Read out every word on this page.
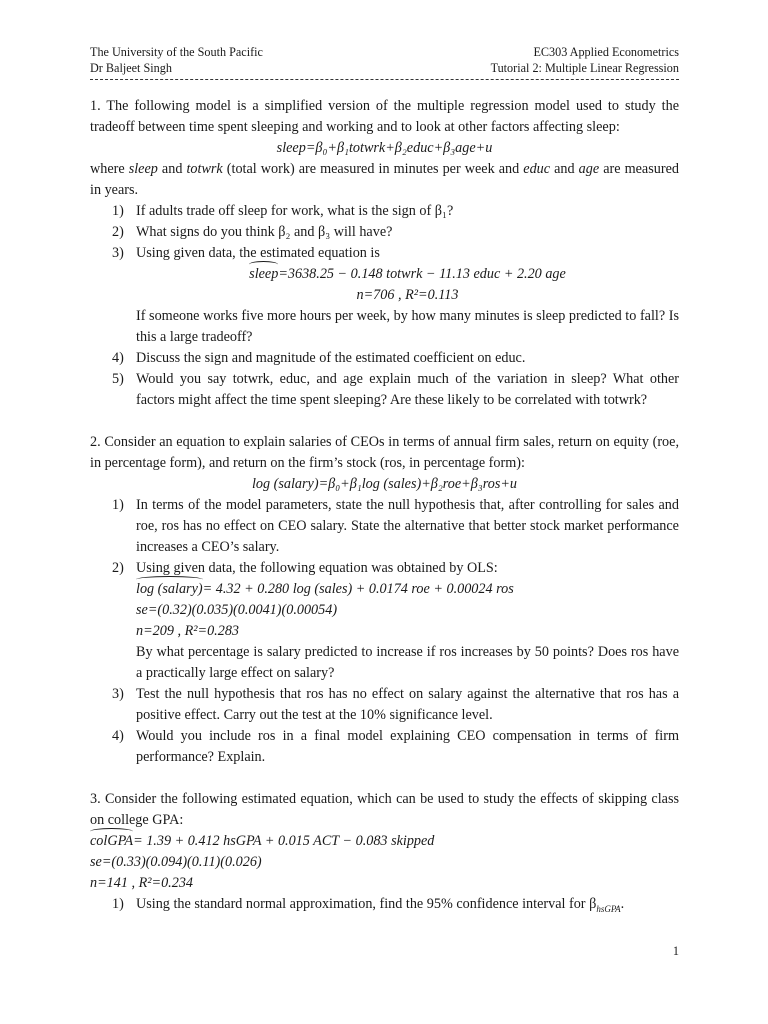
The University of the South Pacific
Dr Baljeet Singh
EC303 Applied Econometrics
Tutorial 2: Multiple Linear Regression

1. The following model is a simplified version of the multiple regression model used to study the tradeoff between time spent sleeping and working and to look at other factors affecting sleep:

sleep=β₀+β₁totwrk+β₂educ+β₃age+u

where sleep and totwrk (total work) are measured in minutes per week and educ and age are measured in years.

1) If adults trade off sleep for work, what is the sign of β₁?
2) What signs do you think β₂ and β₃ will have?
3) Using given data, the estimated equation is

sleep=3638.25 − 0.148 totwrk − 11.13 educ + 2.20 age

n=706 , R²=0.113

If someone works five more hours per week, by how many minutes is sleep predicted to fall? Is this a large tradeoff?
4) Discuss the sign and magnitude of the estimated coefficient on educ.
5) Would you say totwrk, educ, and age explain much of the variation in sleep? What other factors might affect the time spent sleeping? Are these likely to be correlated with totwrk?

2. Consider an equation to explain salaries of CEOs in terms of annual firm sales, return on equity (roe, in percentage form), and return on the firm’s stock (ros, in percentage form):

log (salary)=β₀+β₁log (sales)+β₂roe+β₃ros+u

1) In terms of the model parameters, state the null hypothesis that, after controlling for sales and roe, ros has no effect on CEO salary. State the alternative that better stock market performance increases a CEO’s salary.
2) Using given data, the following equation was obtained by OLS:

log (salary)= 4.32 + 0.280 log (sales) + 0.0174 roe + 0.00024 ros

se=(0.32)(0.035)(0.0041)(0.00054)

n=209 , R²=0.283

By what percentage is salary predicted to increase if ros increases by 50 points? Does ros have a practically large effect on salary?
3) Test the null hypothesis that ros has no effect on salary against the alternative that ros has a positive effect. Carry out the test at the 10% significance level.
4) Would you include ros in a final model explaining CEO compensation in terms of firm performance? Explain.

3. Consider the following estimated equation, which can be used to study the effects of skipping class on college GPA:

colGPA= 1.39 + 0.412 hsGPA + 0.015 ACT − 0.083 skipped

se=(0.33)(0.094)(0.11)(0.026)

n=141 , R²=0.234

1) Using the standard normal approximation, find the 95% confidence interval for $\beta_{hsGPA}$.
1
